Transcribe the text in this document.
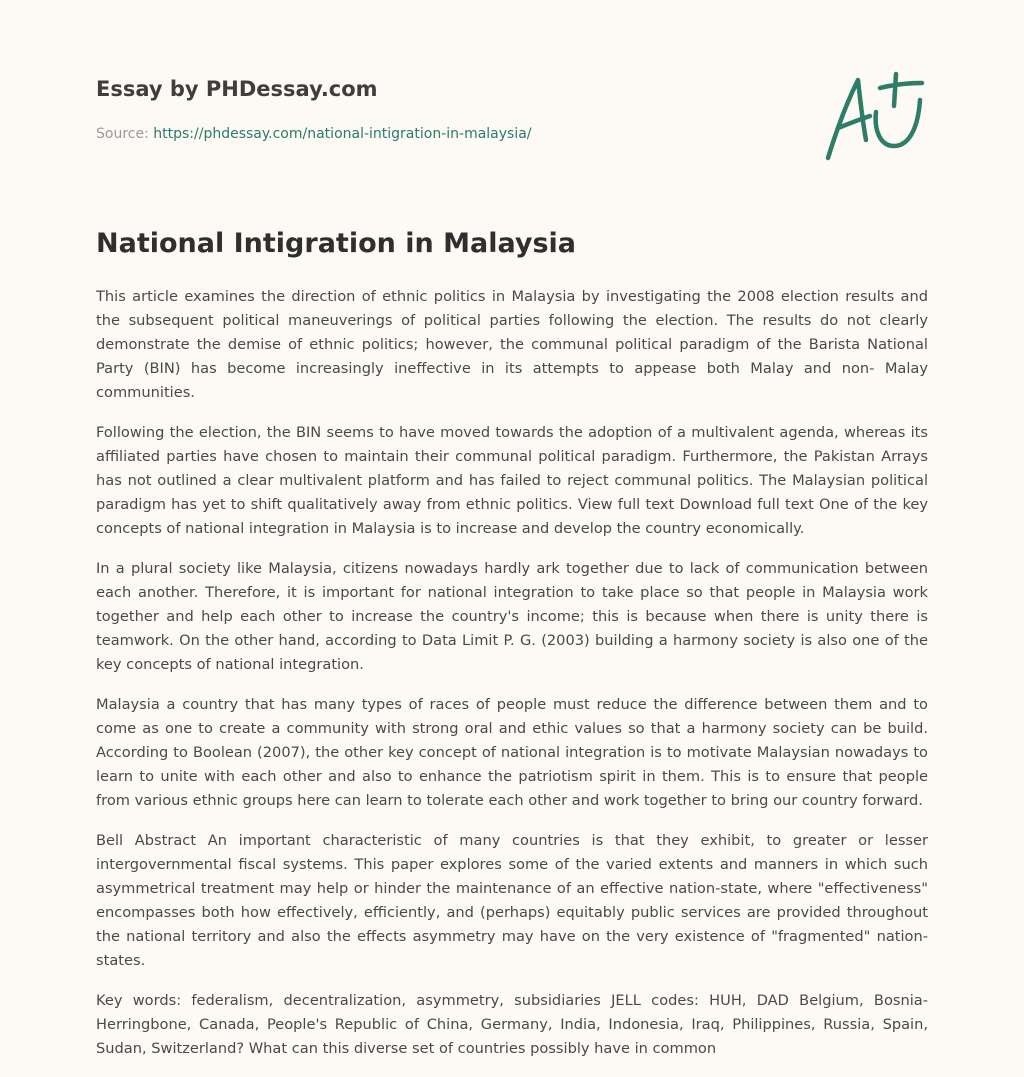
Essay by PHDessay.com
Source: https://phdessay.com/national-intigration-in-malaysia/
National Intigration in Malaysia

This article examines the direction of ethnic politics in Malaysia by investigating the 2008 election results and the subsequent political maneuverings of political parties following the election. The results do not clearly demonstrate the demise of ethnic politics; however, the communal political paradigm of the Barista National Party (BIN) has become increasingly ineffective in its attempts to appease both Malay and non- Malay communities.

Following the election, the BIN seems to have moved towards the adoption of a multivalent agenda, whereas its affiliated parties have chosen to maintain their communal political paradigm. Furthermore, the Pakistan Arrays has not outlined a clear multivalent platform and has failed to reject communal politics. The Malaysian political paradigm has yet to shift qualitatively away from ethnic politics. View full text Download full text One of the key concepts of national integration in Malaysia is to increase and develop the country economically.

In a plural society like Malaysia, citizens nowadays hardly ark together due to lack of communication between each another. Therefore, it is important for national integration to take place so that people in Malaysia work together and help each other to increase the country's income; this is because when there is unity there is teamwork. On the other hand, according to Data Limit P. G. (2003) building a harmony society is also one of the key concepts of national integration.

Malaysia a country that has many types of races of people must reduce the difference between them and to come as one to create a community with strong oral and ethic values so that a harmony society can be build. According to Boolean (2007), the other key concept of national integration is to motivate Malaysian nowadays to learn to unite with each other and also to enhance the patriotism spirit in them. This is to ensure that people from various ethnic groups here can learn to tolerate each other and work together to bring our country forward.

Bell Abstract An important characteristic of many countries is that they exhibit, to greater or lesser intergovernmental fiscal systems. This paper explores some of the varied extents and manners in which such asymmetrical treatment may help or hinder the maintenance of an effective nation-state, where "effectiveness" encompasses both how effectively, efficiently, and (perhaps) equitably public services are provided throughout the national territory and also the effects asymmetry may have on the very existence of "fragmented" nation-states.

Key words: federalism, decentralization, asymmetry, subsidiaries JELL codes: HUH, DAD Belgium, Bosnia-Herringbone, Canada, People's Republic of China, Germany, India, Indonesia, Iraq, Philippines, Russia, Spain, Sudan, Switzerland? What can this diverse set of countries possibly have in common
